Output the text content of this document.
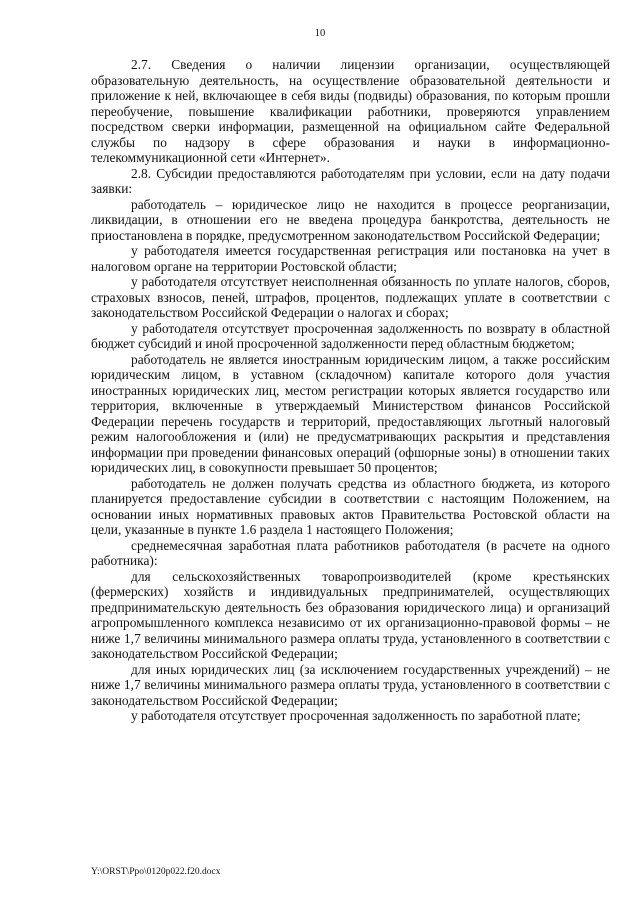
10

2.7. Сведения о наличии лицензии организации, осуществляющей образовательную деятельность, на осуществление образовательной деятельности и приложение к ней, включающее в себя виды (подвиды) образования, по которым прошли переобучение, повышение квалификации работники, проверяются управлением посредством сверки информации, размещенной на официальном сайте Федеральной службы по надзору в сфере образования и науки в информационно-телекоммуникационной сети «Интернет».

2.8. Субсидии предоставляются работодателям при условии, если на дату подачи заявки:

работодатель – юридическое лицо не находится в процессе реорганизации, ликвидации, в отношении его не введена процедура банкротства, деятельность не приостановлена в порядке, предусмотренном законодательством Российской Федерации;

у работодателя имеется государственная регистрация или постановка на учет в налоговом органе на территории Ростовской области;

у работодателя отсутствует неисполненная обязанность по уплате налогов, сборов, страховых взносов, пеней, штрафов, процентов, подлежащих уплате в соответствии с законодательством Российской Федерации о налогах и сборах;

у работодателя отсутствует просроченная задолженность по возврату в областной бюджет субсидий и иной просроченной задолженности перед областным бюджетом;

работодатель не является иностранным юридическим лицом, а также российским юридическим лицом, в уставном (складочном) капитале которого доля участия иностранных юридических лиц, местом регистрации которых является государство или территория, включенные в утверждаемый Министерством финансов Российской Федерации перечень государств и территорий, предоставляющих льготный налоговый режим налогообложения и (или) не предусматривающих раскрытия и представления информации при проведении финансовых операций (офшорные зоны) в отношении таких юридических лиц, в совокупности превышает 50 процентов;

работодатель не должен получать средства из областного бюджета, из которого планируется предоставление субсидии в соответствии с настоящим Положением, на основании иных нормативных правовых актов Правительства Ростовской области на цели, указанные в пункте 1.6 раздела 1 настоящего Положения;

среднемесячная заработная плата работников работодателя (в расчете на одного работника):

для сельскохозяйственных товаропроизводителей (кроме крестьянских (фермерских) хозяйств и индивидуальных предпринимателей, осуществляющих предпринимательскую деятельность без образования юридического лица) и организаций агропромышленного комплекса независимо от их организационно-правовой формы – не ниже 1,7 величины минимального размера оплаты труда, установленного в соответствии с законодательством Российской Федерации;

для иных юридических лиц (за исключением государственных учреждений) – не ниже 1,7 величины минимального размера оплаты труда, установленного в соответствии с законодательством Российской Федерации;

у работодателя отсутствует просроченная задолженность по заработной плате;

Y:\ORST\Ppo\0120p022.f20.docx
